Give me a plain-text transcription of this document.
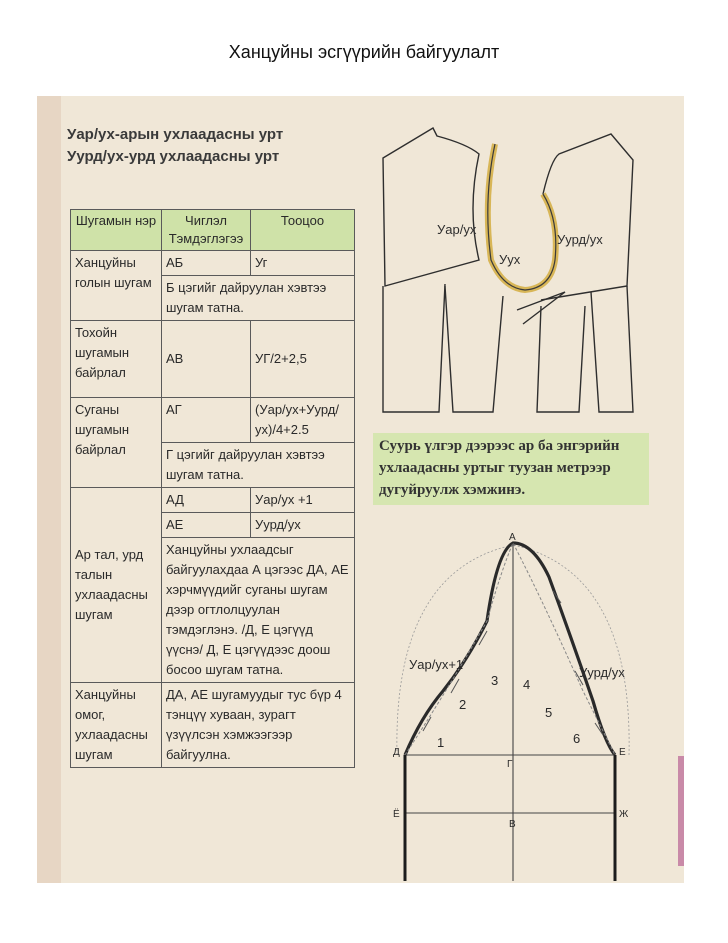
Ханцуйны эсгүүрийн байгуулалт
Уар/ух-арын ухлаадасны урт
Уурд/ух-урд ухлаадасны урт
Шугамын нэр	Чиглэл Тэмдэглэгээ	Тооцоо
Ханцуйны голын шугам	АБ	Уг
	Б цэгийг дайруулан хэвтээ шугам татна.	
Тохойн шугамын байрлал	АВ	УГ/2+2,5
Суганы шугамын байрлал	АГ	(Уар/ух+Уурд/ ух)/4+2.5
	Г цэгийг дайруулан хэвтээ шугам татна.	
Ар тал, урд талын ухлаадасны шугам	АД	Уар/ух +1
	АЕ	Уурд/ух
	Ханцуйны ухлаадсыг байгуулахдаа А цэгээс ДА, АЕ хэрчмүүдийг суганы шугам дээр огтлолцуулан тэмдэглэнэ. /Д, Е цэгүүд үүснэ/ Д, Е цэгүүдээс доош босоо шугам татна.	
Ханцуйны омог, ухлаадасны шугам	ДА, АЕ шугамуудыг тус бүр 4 тэнцүү хуваан, зурагт үзүүлсэн хэмжээгээр байгуулна.	
Уар/ух
Уурд/ух
Уух
Суурь үлгэр дээрээс ар ба энгэрийн ухлаадасны уртыг туузан метрээр дугуйруулж хэмжинэ.
Уар/ух+1
Уурд/ух
1
2
3 4
5
6
А
Д	Е
Г
Ё
В
Ж
